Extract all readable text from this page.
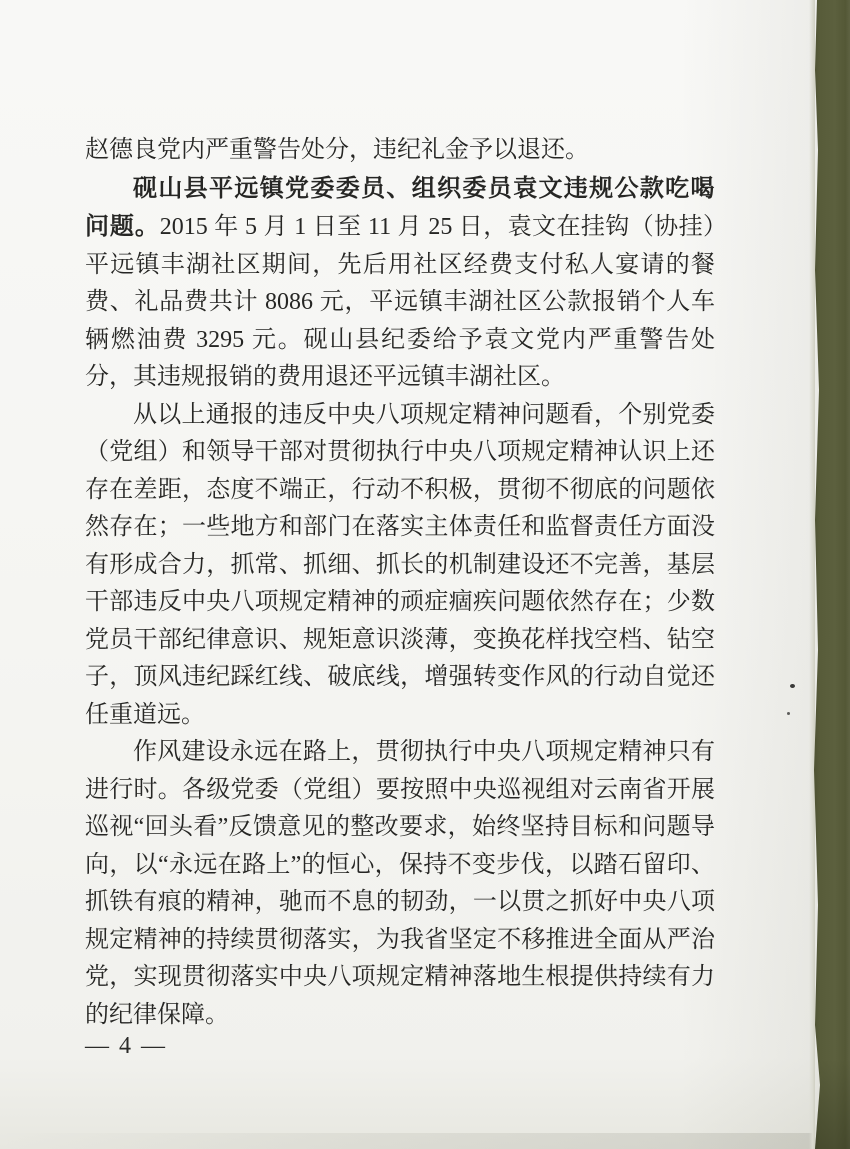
赵德良党内严重警告处分，违纪礼金予以退还。

砚山县平远镇党委委员、组织委员袁文违规公款吃喝问题。2015 年 5 月 1 日至 11 月 25 日，袁文在挂钩（协挂）平远镇丰湖社区期间，先后用社区经费支付私人宴请的餐费、礼品费共计 8086 元，平远镇丰湖社区公款报销个人车辆燃油费 3295 元。砚山县纪委给予袁文党内严重警告处分，其违规报销的费用退还平远镇丰湖社区。

从以上通报的违反中央八项规定精神问题看，个别党委（党组）和领导干部对贯彻执行中央八项规定精神认识上还存在差距，态度不端正，行动不积极，贯彻不彻底的问题依然存在；一些地方和部门在落实主体责任和监督责任方面没有形成合力，抓常、抓细、抓长的机制建设还不完善，基层干部违反中央八项规定精神的顽症痼疾问题依然存在；少数党员干部纪律意识、规矩意识淡薄，变换花样找空档、钻空子，顶风违纪踩红线、破底线，增强转变作风的行动自觉还任重道远。

作风建设永远在路上，贯彻执行中央八项规定精神只有进行时。各级党委（党组）要按照中央巡视组对云南省开展巡视“回头看”反馈意见的整改要求，始终坚持目标和问题导向，以“永远在路上”的恒心，保持不变步伐，以踏石留印、抓铁有痕的精神，驰而不息的韧劲，一以贯之抓好中央八项规定精神的持续贯彻落实，为我省坚定不移推进全面从严治党，实现贯彻落实中央八项规定精神落地生根提供持续有力的纪律保障。

— 4 —
